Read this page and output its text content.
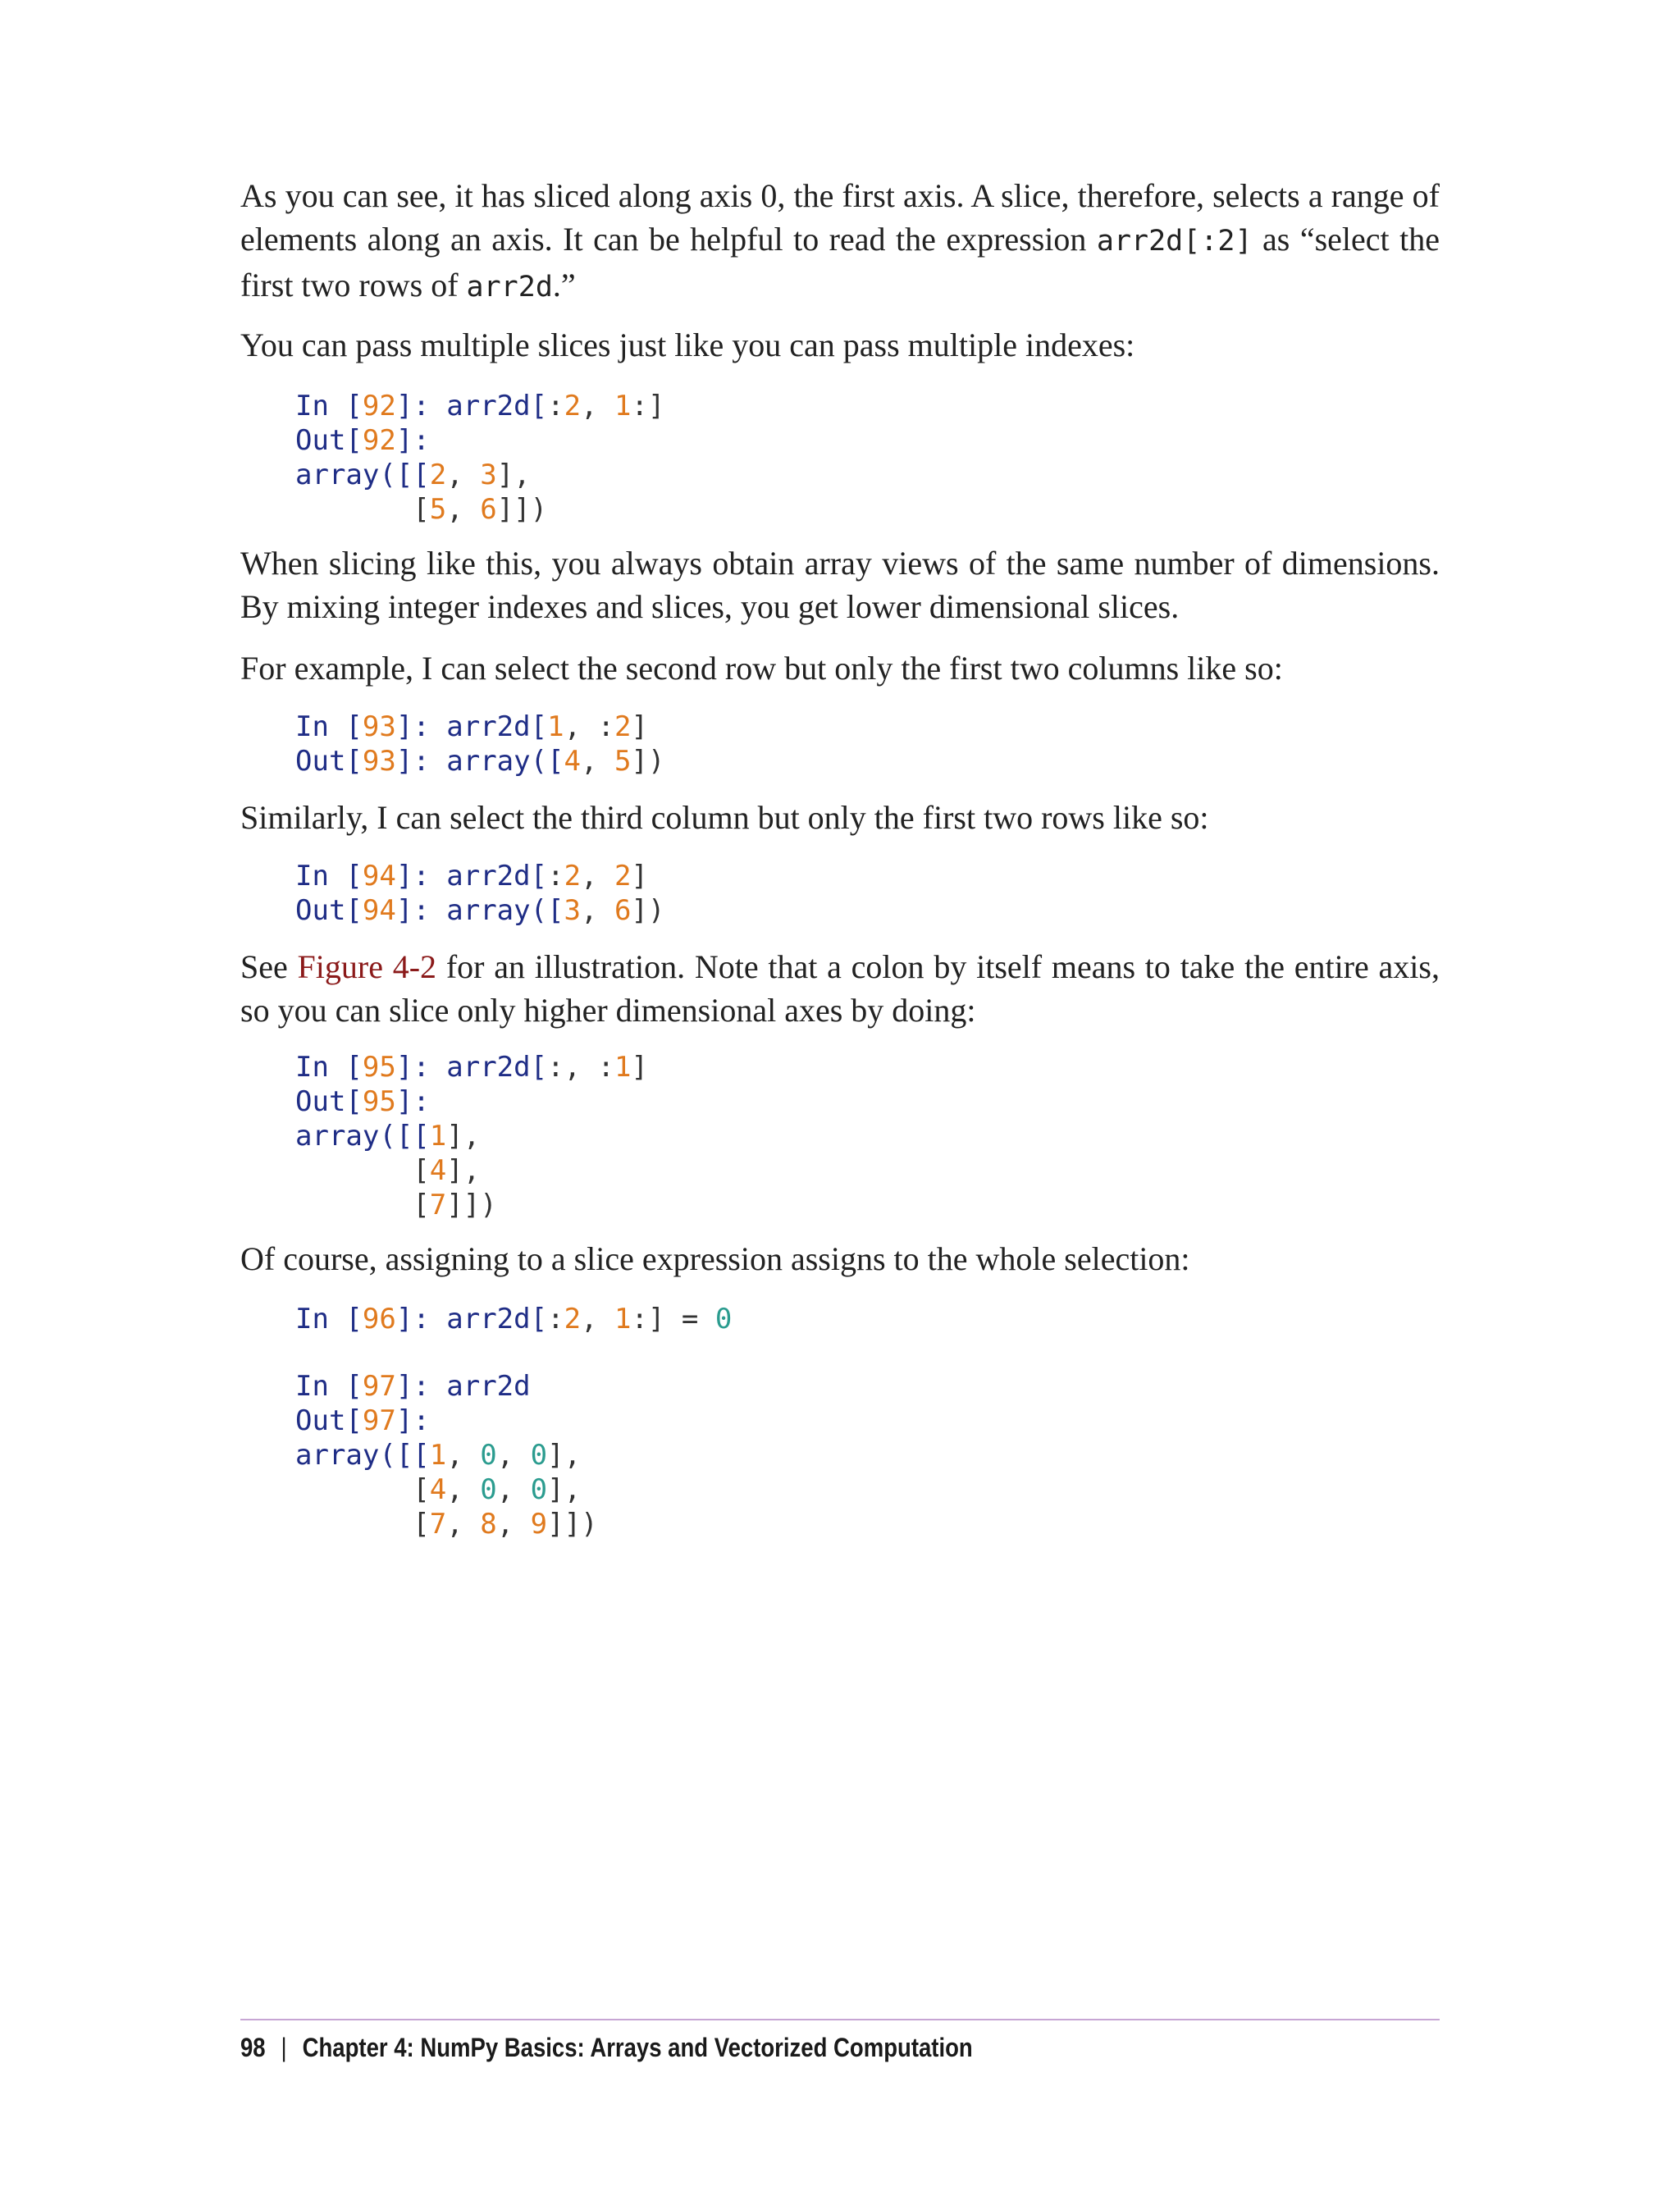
As you can see, it has sliced along axis 0, the first axis. A slice, therefore, selects a range of elements along an axis. It can be helpful to read the expression arr2d[:2] as “select the first two rows of arr2d.”

You can pass multiple slices just like you can pass multiple indexes:

In [92]: arr2d[:2, 1:]
Out[92]:
array([[2, 3],
[5, 6]])

When slicing like this, you always obtain array views of the same number of dimensions. By mixing integer indexes and slices, you get lower dimensional slices.

For example, I can select the second row but only the first two columns like so:

In [93]: arr2d[1, :2]
Out[93]: array([4, 5])

Similarly, I can select the third column but only the first two rows like so:

In [94]: arr2d[:2, 2]
Out[94]: array([3, 6])

See Figure 4-2 for an illustration. Note that a colon by itself means to take the entire axis, so you can slice only higher dimensional axes by doing:

In [95]: arr2d[:, :1]
Out[95]:
array([[1],
[4],
[7]])

Of course, assigning to a slice expression assigns to the whole selection:

In [96]: arr2d[:2, 1:] = 0
In [97]: arr2d
Out[97]:
array([[1, 0, 0],
[4, 0, 0],
[7, 8, 9]])
98 | Chapter 4: NumPy Basics: Arrays and Vectorized Computation
